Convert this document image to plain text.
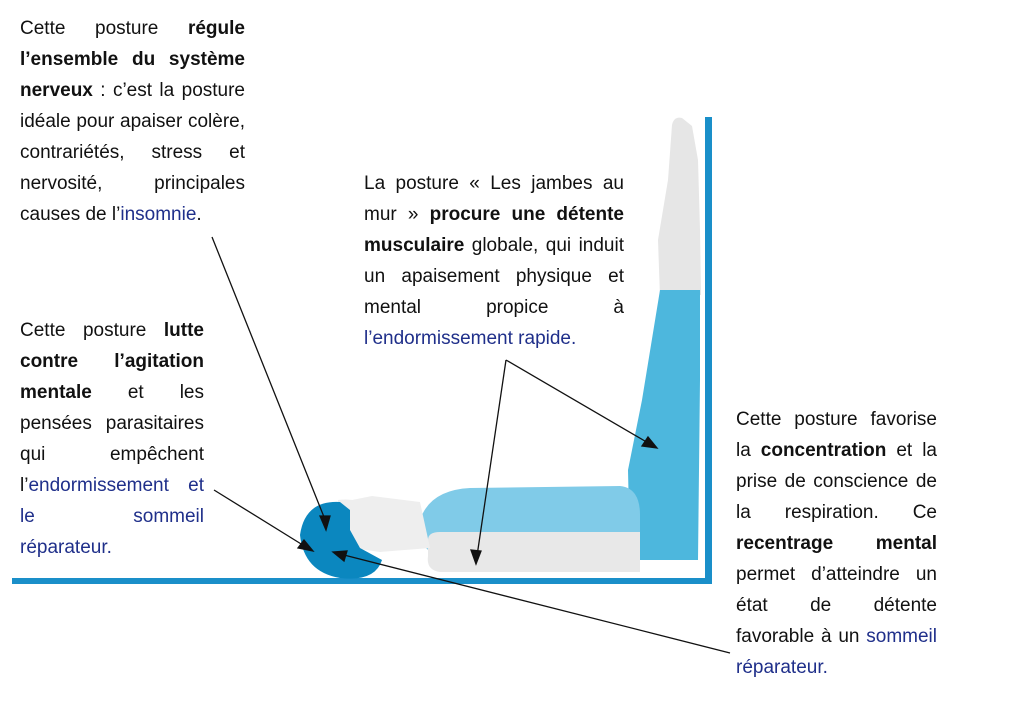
Cette posture régule l’ensemble du système nerveux : c’est la posture idéale pour apaiser colère, contrariétés, stress et nervosité, principales causes de l’insomnie.

Cette posture lutte contre l’agitation mentale et les pensées parasitaires qui empêchent l’endormissement et le sommeil réparateur.

La posture « Les jambes au mur » procure une détente musculaire globale, qui induit un apaisement physique et mental propice à l’endormissement rapide.

Cette posture favorise la concentration et la prise de conscience de la respiration. Ce recentrage mental permet d’atteindre un état de détente favorable à un sommeil réparateur.
